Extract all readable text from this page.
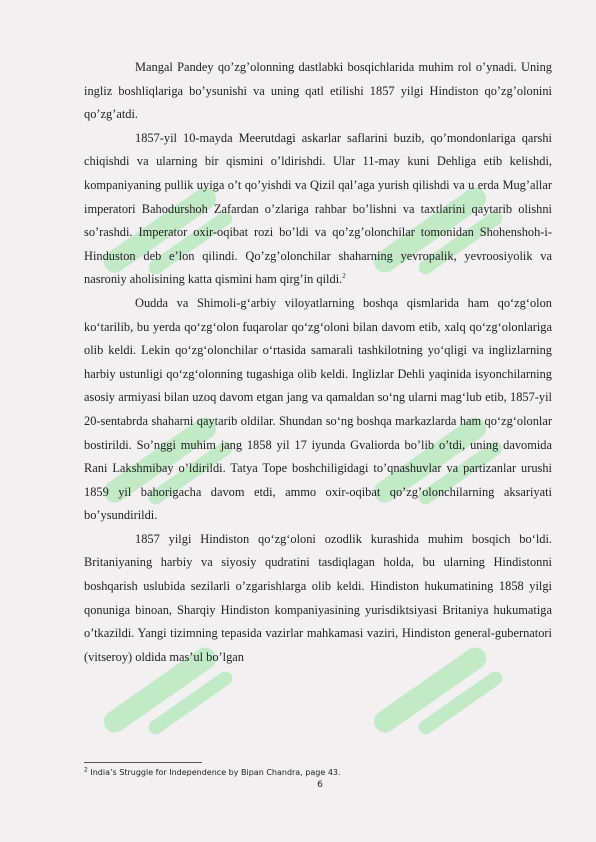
Mangal Pandey qo’zg’olonning dastlabki bosqichlarida muhim rol o’ynadi. Uning ingliz boshliqlariga bo’ysunishi va uning qatl etilishi 1857 yilgi Hindiston qo’zg’olonini qo’zg’atdi.

1857-yil 10-mayda Meerutdagi askarlar saflarini buzib, qo’mondonlariga qarshi chiqishdi va ularning bir qismini o’ldirishdi. Ular 11-may kuni Dehliga etib kelishdi, kompaniyaning pullik uyiga o’t qo’yishdi va Qizil qal’aga yurish qilishdi va u erda Mug’allar imperatori Bahodurshoh Zafardan o’zlariga rahbar bo’lishni va taxtlarini qaytarib olishni so’rashdi. Imperator oxir-oqibat rozi bo’ldi va qo’zg’olonchilar tomonidan Shohenshoh-i-Hinduston deb e’lon qilindi. Qo’zg’olonchilar shaharning yevropalik, yevroosiyolik va nasroniy aholisining katta qismini ham qirg’in qildi.$^2$

Oudda va Shimoli-g‘arbiy viloyatlarning boshqa qismlarida ham qo‘zg‘olon ko‘tarilib, bu yerda qo‘zg‘olon fuqarolar qo‘zg‘oloni bilan davom etib, xalq qo‘zg‘olonlariga olib keldi. Lekin qo‘zg‘olonchilar o‘rtasida samarali tashkilotning yo‘qligi va inglizlarning harbiy ustunligi qo‘zg‘olonning tugashiga olib keldi. Inglizlar Dehli yaqinida isyonchilarning asosiy armiyasi bilan uzoq davom etgan jang va qamaldan so‘ng ularni mag‘lub etib, 1857-yil 20-sentabrda shaharni qaytarib oldilar. Shundan so‘ng boshqa markazlarda ham qo‘zg‘olonlar bostirildi. So’nggi muhim jang 1858 yil 17 iyunda Gvaliorda bo’lib o’tdi, uning davomida Rani Lakshmibay o’ldirildi. Tatya Tope boshchiligidagi to’qnashuvlar va partizanlar urushi 1859 yil bahorigacha davom etdi, ammo oxir-oqibat qo’zg’olonchilarning aksariyati bo’ysundirildi.

1857 yilgi Hindiston qo‘zg‘oloni ozodlik kurashida muhim bosqich bo‘ldi. Britaniyaning harbiy va siyosiy qudratini tasdiqlagan holda, bu ularning Hindistonni boshqarish uslubida sezilarli o’zgarishlarga olib keldi. Hindiston hukumatining 1858 yilgi qonuniga binoan, Sharqiy Hindiston kompaniyasining yurisdiktsiyasi Britaniya hukumatiga o’tkazildi. Yangi tizimning tepasida vazirlar mahkamasi vaziri, Hindiston general-gubernatori (vitseroy) oldida mas’ul bo’lgan

$^2$ India’s Struggle for Independence by Bipan Chandra, page 43.
6
